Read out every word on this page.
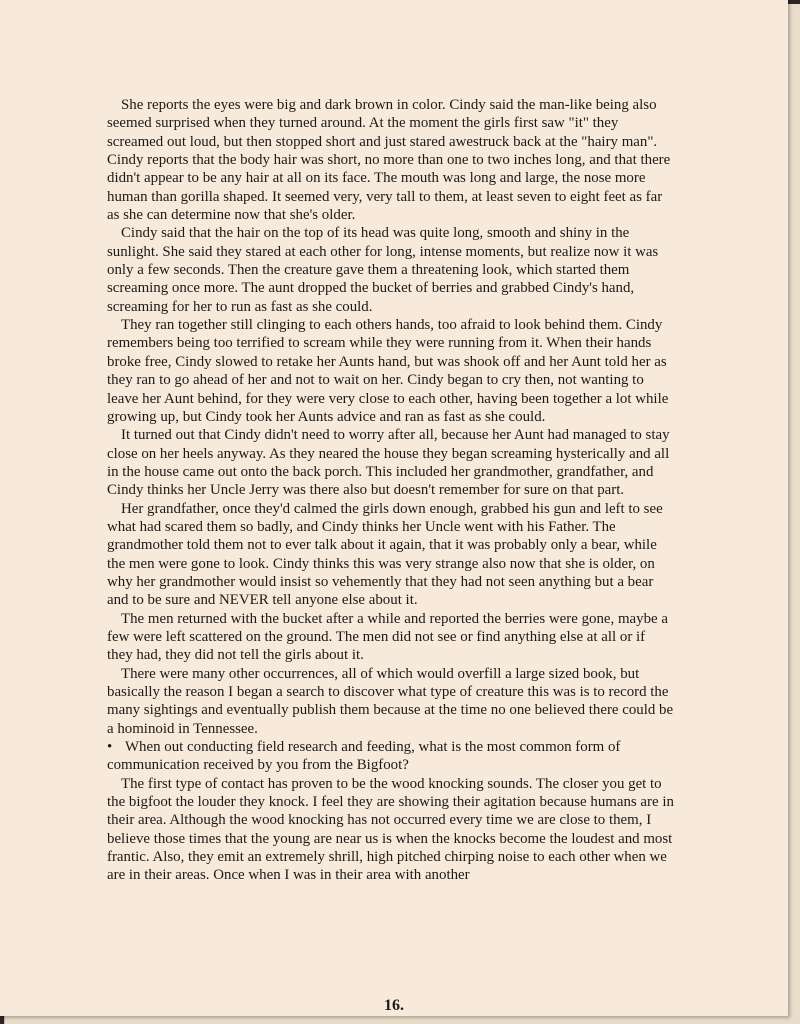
She reports the eyes were big and dark brown in color. Cindy said the man-like being also seemed surprised when they turned around. At the moment the girls first saw "it" they screamed out loud, but then stopped short and just stared awestruck back at the "hairy man". Cindy reports that the body hair was short, no more than one to two inches long, and that there didn't appear to be any hair at all on its face. The mouth was long and large, the nose more human than gorilla shaped. It seemed very, very tall to them, at least seven to eight feet as far as she can determine now that she's older.

Cindy said that the hair on the top of its head was quite long, smooth and shiny in the sunlight. She said they stared at each other for long, intense moments, but realize now it was only a few seconds. Then the creature gave them a threatening look, which started them screaming once more. The aunt dropped the bucket of berries and grabbed Cindy's hand, screaming for her to run as fast as she could.

They ran together still clinging to each others hands, too afraid to look behind them. Cindy remembers being too terrified to scream while they were running from it. When their hands broke free, Cindy slowed to retake her Aunts hand, but was shook off and her Aunt told her as they ran to go ahead of her and not to wait on her. Cindy began to cry then, not wanting to leave her Aunt behind, for they were very close to each other, having been together a lot while growing up, but Cindy took her Aunts advice and ran as fast as she could.

It turned out that Cindy didn't need to worry after all, because her Aunt had managed to stay close on her heels anyway. As they neared the house they began screaming hysterically and all in the house came out onto the back porch. This included her grandmother, grandfather, and Cindy thinks her Uncle Jerry was there also but doesn't remember for sure on that part.

Her grandfather, once they'd calmed the girls down enough, grabbed his gun and left to see what had scared them so badly, and Cindy thinks her Uncle went with his Father. The grandmother told them not to ever talk about it again, that it was probably only a bear, while the men were gone to look. Cindy thinks this was very strange also now that she is older, on why her grandmother would insist so vehemently that they had not seen anything but a bear and to be sure and NEVER tell anyone else about it.

The men returned with the bucket after a while and reported the berries were gone, maybe a few were left scattered on the ground. The men did not see or find anything else at all or if they had, they did not tell the girls about it.

There were many other occurrences, all of which would overfill a large sized book, but basically the reason I began a search to discover what type of creature this was is to record the many sightings and eventually publish them because at the time no one believed there could be a hominoid in Tennessee.

• When out conducting field research and feeding, what is the most common form of communication received by you from the Bigfoot?

The first type of contact has proven to be the wood knocking sounds. The closer you get to the bigfoot the louder they knock. I feel they are showing their agitation because humans are in their area. Although the wood knocking has not occurred every time we are close to them, I believe those times that the young are near us is when the knocks become the loudest and most frantic. Also, they emit an extremely shrill, high pitched chirping noise to each other when we are in their areas. Once when I was in their area with another

16.
